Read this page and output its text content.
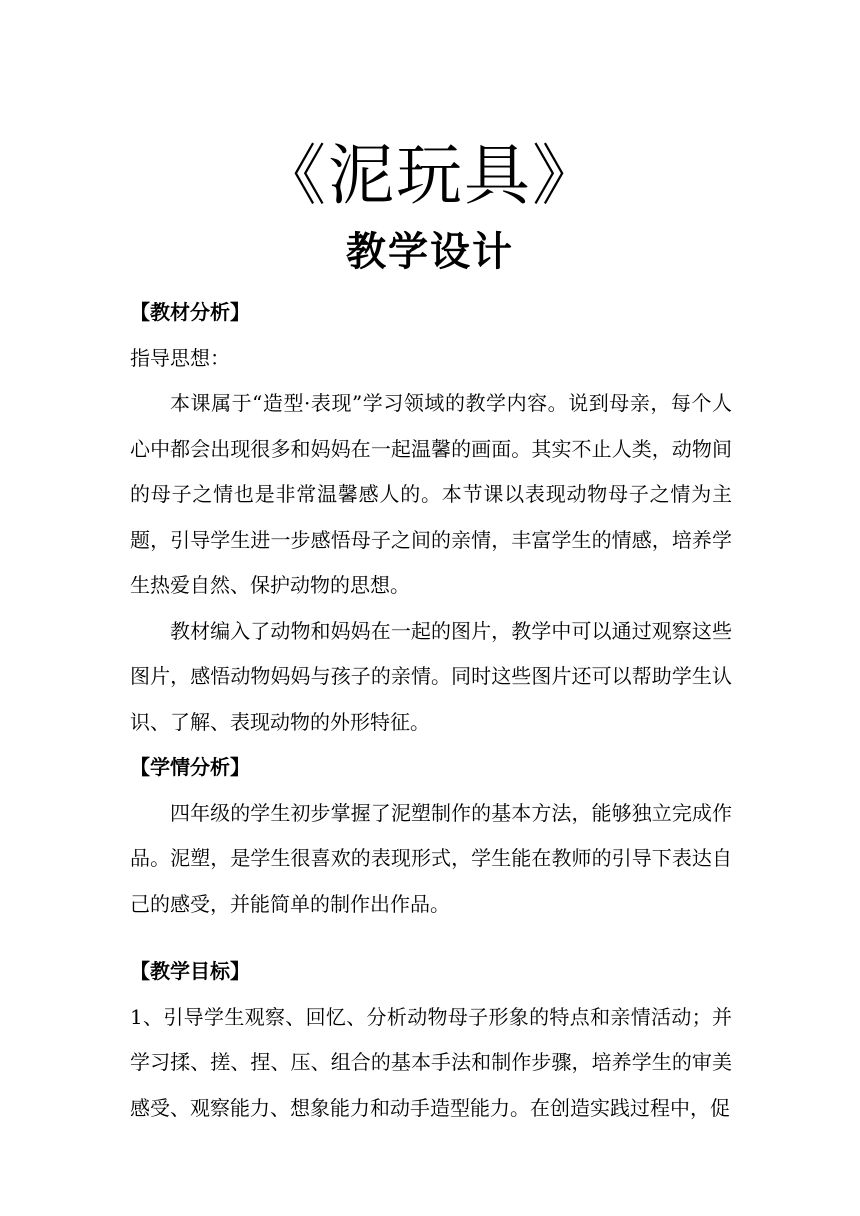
《泥玩具》
教学设计

【教材分析】

指导思想：

本课属于“造型·表现”学习领域的教学内容。说到母亲，每个人心中都会出现很多和妈妈在一起温馨的画面。其实不止人类，动物间的母子之情也是非常温馨感人的。本节课以表现动物母子之情为主题，引导学生进一步感悟母子之间的亲情，丰富学生的情感，培养学生热爱自然、保护动物的思想。

教材编入了动物和妈妈在一起的图片，教学中可以通过观察这些图片，感悟动物妈妈与孩子的亲情。同时这些图片还可以帮助学生认识、了解、表现动物的外形特征。

【学情分析】

四年级的学生初步掌握了泥塑制作的基本方法，能够独立完成作品。泥塑，是学生很喜欢的表现形式，学生能在教师的引导下表达自己的感受，并能简单的制作出作品。

【教学目标】

1、引导学生观察、回忆、分析动物母子形象的特点和亲情活动；并学习揉、搓、捏、压、组合的基本手法和制作步骤，培养学生的审美感受、观察能力、想象能力和动手造型能力。在创造实践过程中，促
